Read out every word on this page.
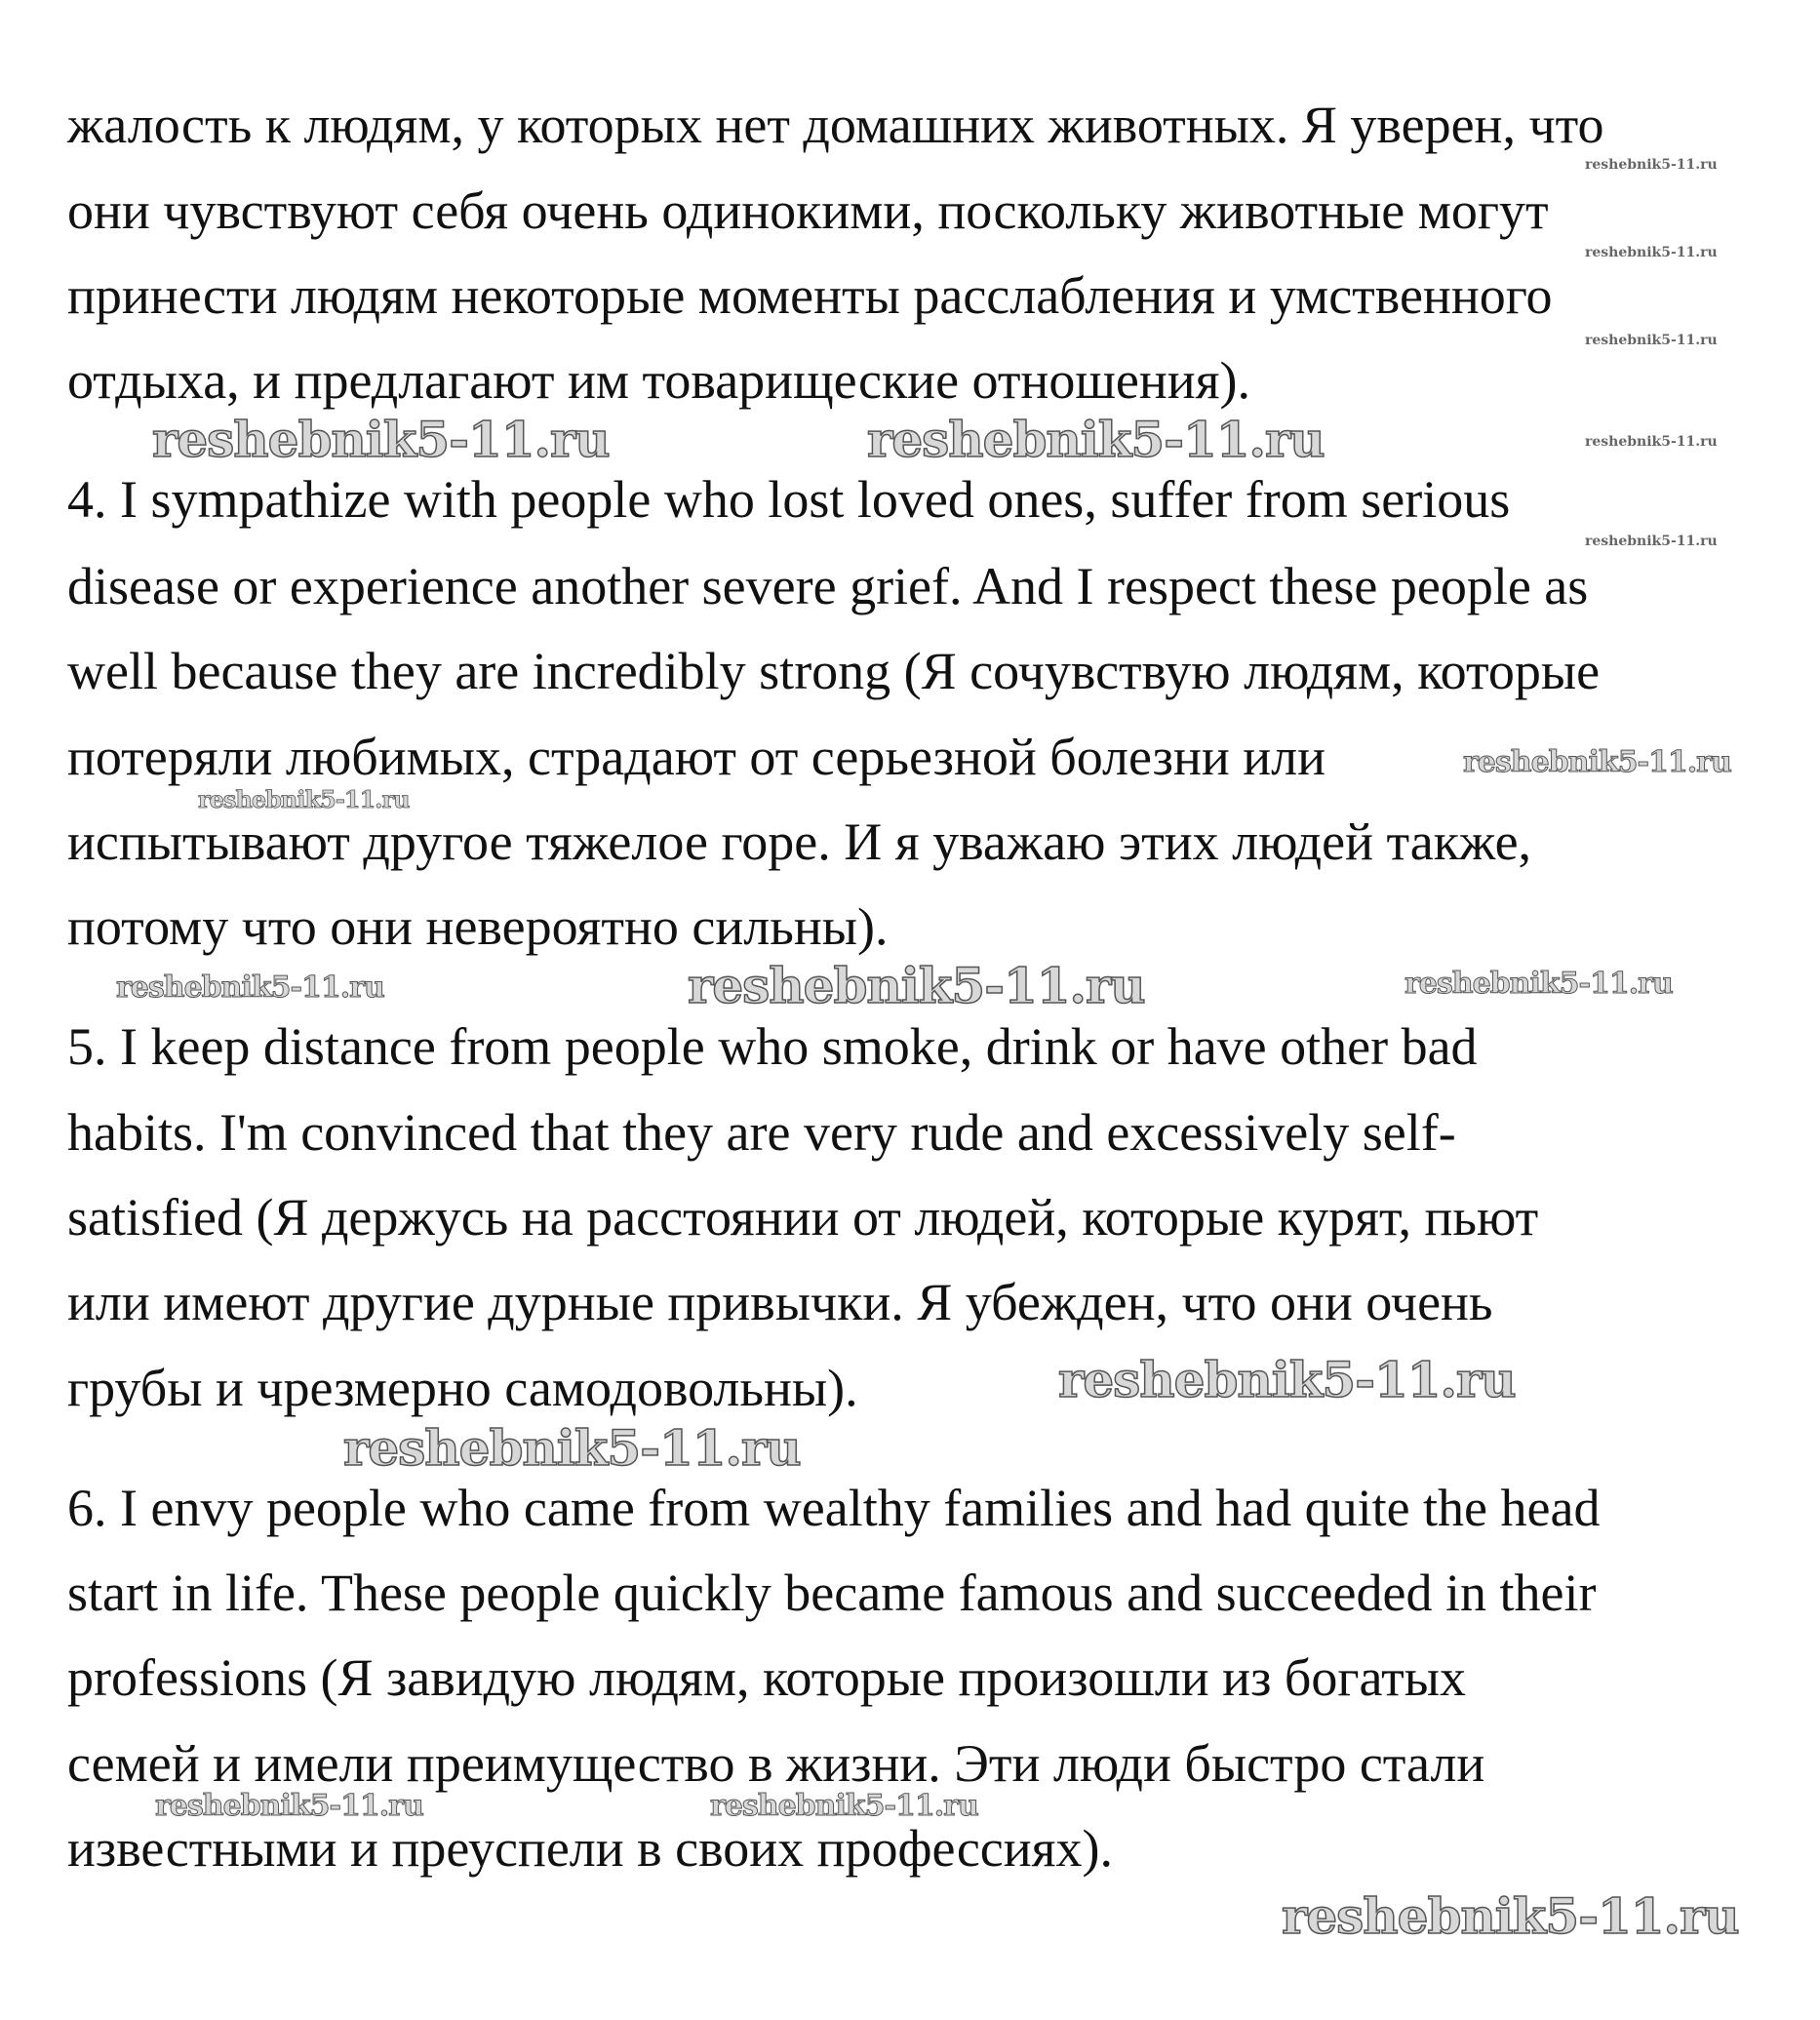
жалость к людям, у которых нет домашних животных. Я уверен, что
они чувствуют себя очень одинокими, поскольку животные могут
принести людям некоторые моменты расслабления и умственного
отдыха, и предлагают им товарищеские отношения).
4. I sympathize with people who lost loved ones, suffer from serious
disease or experience another severe grief. And I respect these people as
well because they are incredibly strong (Я сочувствую людям, которые
потеряли любимых, страдают от серьезной болезни или
испытывают другое тяжелое горе. И я уважаю этих людей также,
потому что они невероятно сильны).
5. I keep distance from people who smoke, drink or have other bad
habits. I'm convinced that they are very rude and excessively self-
satisfied (Я держусь на расстоянии от людей, которые курят, пьют
или имеют другие дурные привычки. Я убежден, что они очень
грубы и чрезмерно самодовольны).
6. I envy people who came from wealthy families and had quite the head
start in life. These people quickly became famous and succeeded in their
professions (Я завидую людям, которые произошли из богатых
семей и имели преимущество в жизни. Эти люди быстро стали
известными и преуспели в своих профессиях).
reshebnik5-11.ru	reshebnik5-11.ru
reshebnik5-11.ru
reshebnik5-11.ru
reshebnik5-11.ru
reshebnik5-11.ru
reshebnik5-11.ru
reshebnik5-11.ru
reshebnik5-11.ru
reshebnik5-11.ru	reshebnik5-11.ru
reshebnik5-11.ru
reshebnik5-11.ru
reshebnik5-11.ru
reshebnik5-11.ru
reshebnik5-11.ru
reshebnik5-11.ru
